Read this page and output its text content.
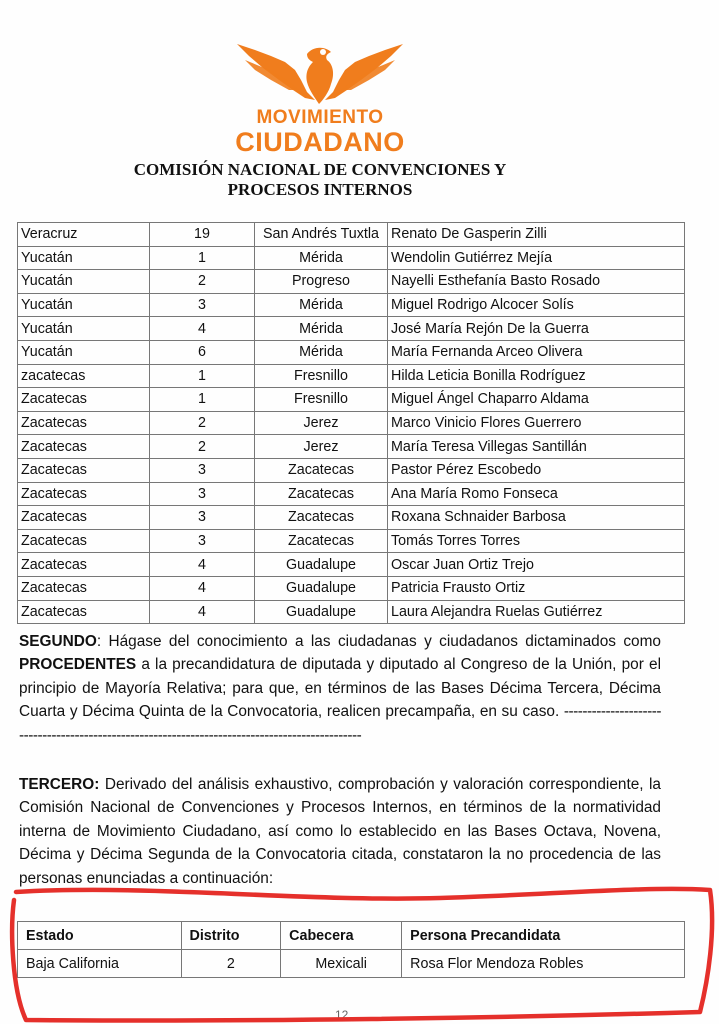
MOVIMIENTO
CIUDADANO
COMISIÓN NACIONAL DE CONVENCIONES Y
PROCESOS INTERNOS
Veracruz	19	San Andrés Tuxtla	Renato De Gasperin Zilli
Yucatán	1	Mérida	Wendolin Gutiérrez Mejía
Yucatán	2	Progreso	Nayelli Esthefanía Basto Rosado
Yucatán	3	Mérida	Miguel Rodrigo Alcocer Solís
Yucatán	4	Mérida	José María Rejón De la Guerra
Yucatán	6	Mérida	María Fernanda Arceo Olivera
zacatecas	1	Fresnillo	Hilda Leticia Bonilla Rodríguez
Zacatecas	1	Fresnillo	Miguel Ángel Chaparro Aldama
Zacatecas	2	Jerez	Marco Vinicio Flores Guerrero
Zacatecas	2	Jerez	María Teresa Villegas Santillán
Zacatecas	3	Zacatecas	Pastor Pérez Escobedo
Zacatecas	3	Zacatecas	Ana María Romo Fonseca
Zacatecas	3	Zacatecas	Roxana Schnaider Barbosa
Zacatecas	3	Zacatecas	Tomás Torres Torres
Zacatecas	4	Guadalupe	Oscar Juan Ortiz Trejo
Zacatecas	4	Guadalupe	Patricia Frausto Ortiz
Zacatecas	4	Guadalupe	Laura Alejandra Ruelas Gutiérrez

SEGUNDO: Hágase del conocimiento a las ciudadanas y ciudadanos dictaminados como PROCEDENTES a la precandidatura de diputada y diputado al Congreso de la Unión, por el principio de Mayoría Relativa; para que, en términos de las Bases Décima Tercera, Décima Cuarta y Décima Quinta de la Convocatoria, realicen precampaña, en su caso. -----------------------------------------------------------------------------------------------

TERCERO: Derivado del análisis exhaustivo, comprobación y valoración correspondiente, la Comisión Nacional de Convenciones y Procesos Internos, en términos de la normatividad interna de Movimiento Ciudadano, así como lo establecido en las Bases Octava, Novena, Décima y Décima Segunda de la Convocatoria citada, constataron la no procedencia de las personas enunciadas a continuación:

Estado	Distrito	Cabecera	Persona Precandidata
Baja California	2	Mexicali	Rosa Flor Mendoza Robles
12
